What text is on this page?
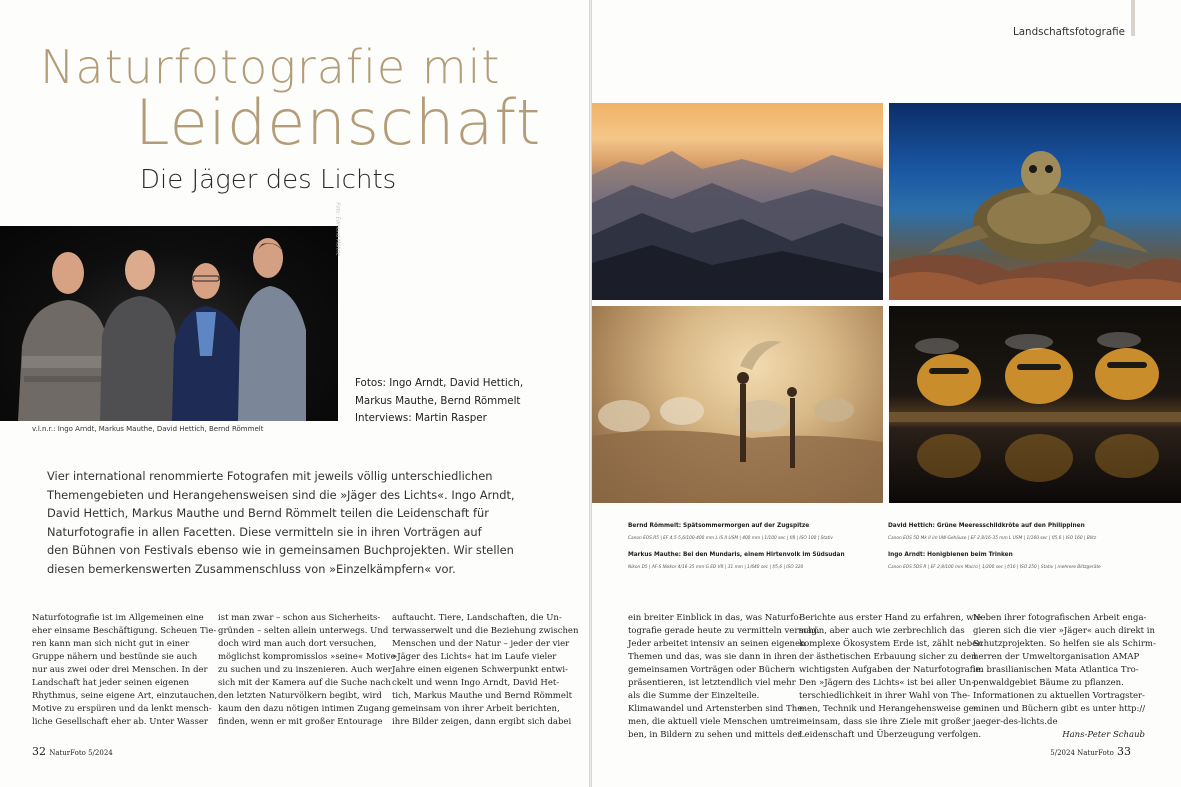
Naturfotografie mit
Leidenschaft
Die Jäger des Lichts
Foto: Edmund Möhrle
v.l.n.r.: Ingo Arndt, Markus Mauthe, David Hettich, Bernd Römmelt
Fotos: Ingo Arndt, David Hettich,
Markus Mauthe, Bernd Römmelt
Interviews: Martin Rasper
Vier international renommierte Fotografen mit jeweils völlig unterschiedlichen
Themengebieten und Herangehensweisen sind die »Jäger des Lichts«. Ingo Arndt,
David Hettich, Markus Mauthe und Bernd Römmelt teilen die Leidenschaft für
Naturfotografie in allen Facetten. Diese vermitteln sie in ihren Vorträgen auf
den Bühnen von Festivals ebenso wie in gemeinsamen Buchprojekten. Wir stellen
diesen bemerkenswerten Zusammenschluss von »Einzelkämpfern« vor.
Naturfotografie ist im Allgemeinen eine
eher einsame Beschäftigung. Scheuen Tie-
ren kann man sich nicht gut in einer
Gruppe nähern und bestünde sie auch
nur aus zwei oder drei Menschen. In der
Landschaft hat jeder seinen eigenen
Rhythmus, seine eigene Art, einzutauchen,
Motive zu erspüren und da lenkt mensch-
liche Gesellschaft eher ab. Unter Wasser
ist man zwar – schon aus Sicherheits-
gründen – selten allein unterwegs. Und
doch wird man auch dort versuchen,
möglichst kompromisslos »seine« Motive
zu suchen und zu inszenieren. Auch wer
sich mit der Kamera auf die Suche nach
den letzten Naturvölkern begibt, wird
kaum den dazu nötigen intimen Zugang
finden, wenn er mit großer Entourage
auftaucht. Tiere, Landschaften, die Un-
terwasserwelt und die Beziehung zwischen
Menschen und der Natur – jeder der vier
»Jäger des Lichts« hat im Laufe vieler
Jahre einen eigenen Schwerpunkt entwi-
ckelt und wenn Ingo Arndt, David Het-
tich, Markus Mauthe und Bernd Römmelt
gemeinsam von ihrer Arbeit berichten,
ihre Bilder zeigen, dann ergibt sich dabei
32 NaturFoto 5/2024
Landschaftsfotografie
Bernd Römmelt: Spätsommermorgen auf der Zugspitze
Canon EOS R5 | EF 4,5-5,6/100-400 mm L IS II USM | 400 mm | 1/100 sec | f/8 | ISO 100 | Stativ
Markus Mauthe: Bei den Mundaris, einem Hirtenvolk im Südsudan
Nikon D5 | AF-S Nikkor 4/16-35 mm G ED VR | 31 mm | 1/640 sec | f/5,6 | ISO 320
David Hettich: Grüne Meeresschildkröte auf den Philippinen
Canon EOS 5D Mk II im UW-Gehäuse | EF 2,8/16-35 mm L USM | 1/160 sec | f/5,6 | ISO 160 | Blitz
Ingo Arndt: Honigbienen beim Trinken
Canon EOS 5DS R | EF 2,8/100 mm Macro | 1/200 sec | f/16 | ISO 250 | Stativ | mehrere Blitzgeräte
ein breiter Einblick in das, was Naturfo-
tografie gerade heute zu vermitteln vermag.
Jeder arbeitet intensiv an seinen eigenen
Themen und das, was sie dann in ihren
gemeinsamen Vorträgen oder Büchern
präsentieren, ist letztendlich viel mehr
als die Summe der Einzelteile.
Klimawandel und Artensterben sind The-
men, die aktuell viele Menschen umtrei-
ben, in Bildern zu sehen und mittels der
Berichte aus erster Hand zu erfahren, wie
schön, aber auch wie zerbrechlich das
komplexe Ökosystem Erde ist, zählt neben
der ästhetischen Erbauung sicher zu den
wichtigsten Aufgaben der Naturfotografie.
Den »Jägern des Lichts« ist bei aller Un-
terschiedlichkeit in ihrer Wahl von The-
men, Technik und Herangehensweise ge-
meinsam, dass sie ihre Ziele mit großer
Leidenschaft und Überzeugung verfolgen.
Neben ihrer fotografischen Arbeit enga-
gieren sich die vier »Jäger« auch direkt in
Schutzprojekten. So helfen sie als Schirm-
herren der Umweltorganisation AMAP
im brasilianischen Mata Atlantica Tro-
penwaldgebiet Bäume zu pflanzen.
Informationen zu aktuellen Vortragster-
minen und Büchern gibt es unter http://
jaeger-des-lichts.de
Hans-Peter Schaub
5/2024 NaturFoto 33
